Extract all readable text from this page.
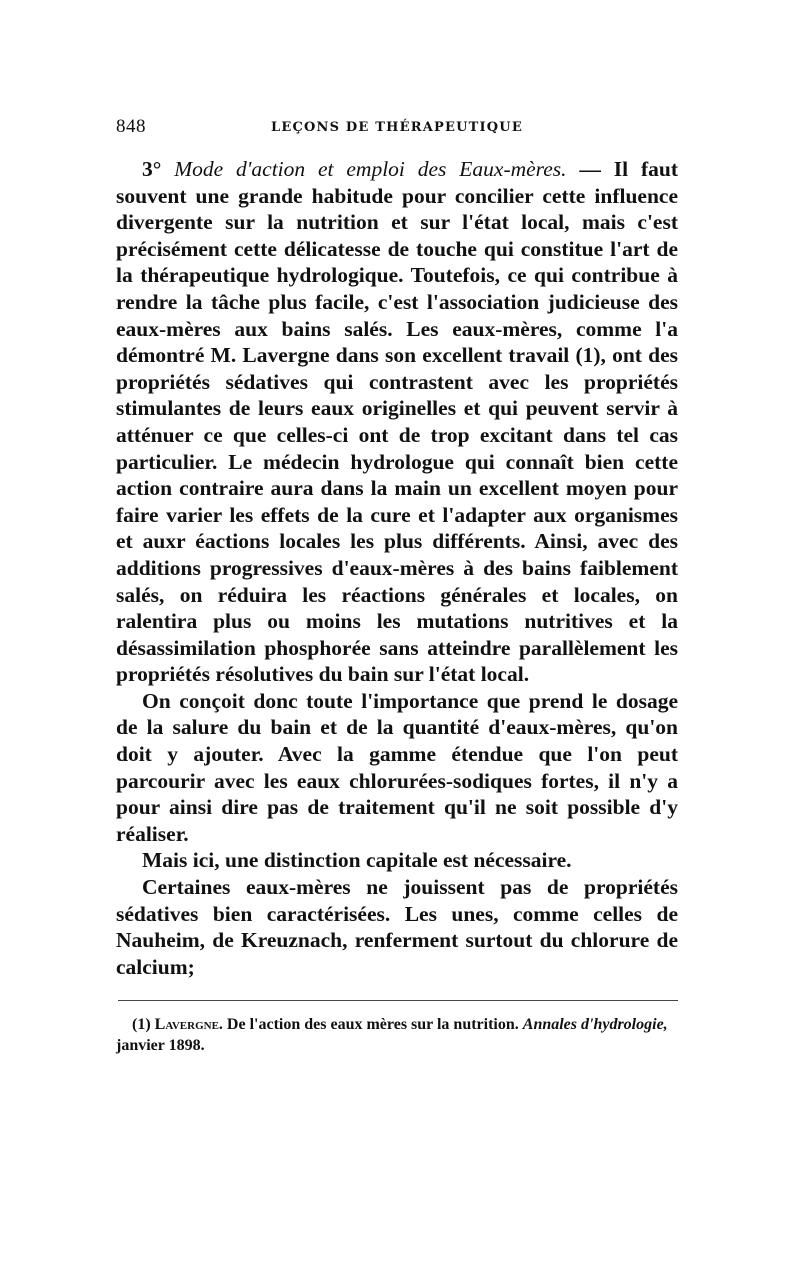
848	LEÇONS DE THÉRAPEUTIQUE

3° Mode d'action et emploi des Eaux-mères. — Il faut souvent une grande habitude pour concilier cette influence divergente sur la nutrition et sur l'état local, mais c'est précisément cette délicatesse de touche qui constitue l'art de la thérapeutique hydrologique. Toutefois, ce qui contribue à rendre la tâche plus facile, c'est l'association judicieuse des eaux-mères aux bains salés. Les eaux-mères, comme l'a démontré M. Lavergne dans son excellent travail (1), ont des propriétés sédatives qui contrastent avec les propriétés stimulantes de leurs eaux originelles et qui peuvent servir à atténuer ce que celles-ci ont de trop excitant dans tel cas particulier. Le médecin hydrologue qui connaît bien cette action contraire aura dans la main un excellent moyen pour faire varier les effets de la cure et l'adapter aux organismes et auxr éactions locales les plus différents. Ainsi, avec des additions progressives d'eaux-mères à des bains faiblement salés, on réduira les réactions générales et locales, on ralentira plus ou moins les mutations nutritives et la désassimilation phosphorée sans atteindre parallèlement les propriétés résolutives du bain sur l'état local.

On conçoit donc toute l'importance que prend le dosage de la salure du bain et de la quantité d'eaux-mères, qu'on doit y ajouter. Avec la gamme étendue que l'on peut parcourir avec les eaux chlorurées-sodiques fortes, il n'y a pour ainsi dire pas de traitement qu'il ne soit possible d'y réaliser.

Mais ici, une distinction capitale est nécessaire.

Certaines eaux-mères ne jouissent pas de propriétés sédatives bien caractérisées. Les unes, comme celles de Nauheim, de Kreuznach, renferment surtout du chlorure de calcium;

(1) Lavergne. De l'action des eaux mères sur la nutrition. Annales d'hydrologie, janvier 1898.
